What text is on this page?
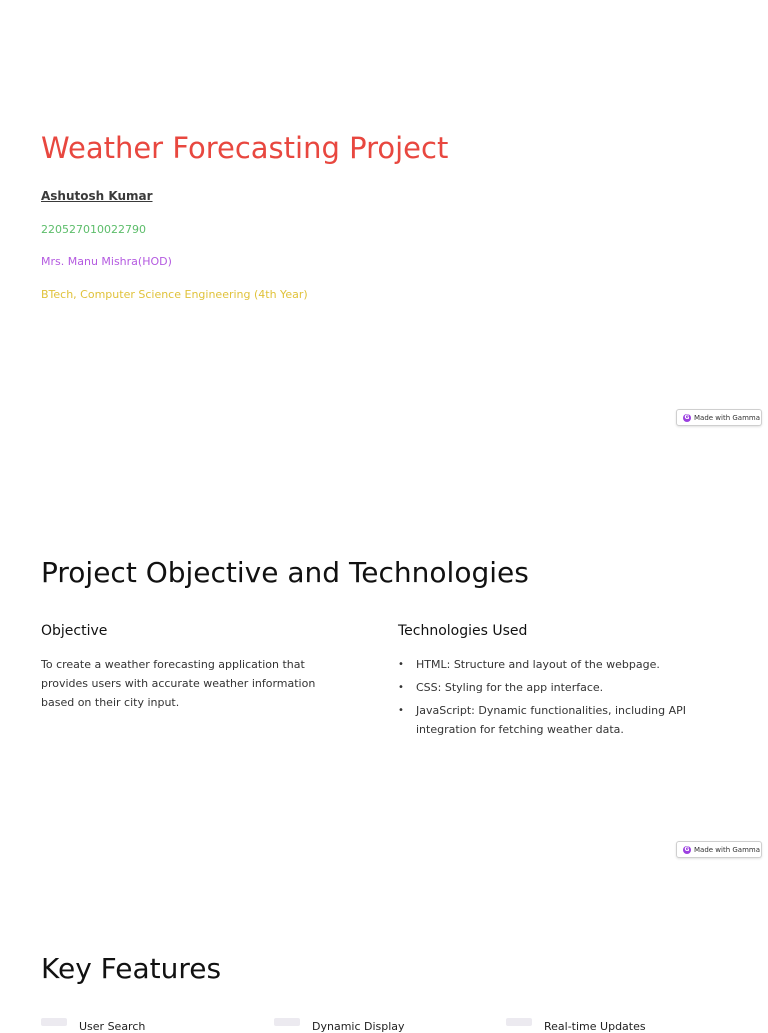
Weather Forecasting Project
Ashutosh Kumar
220527010022790
Mrs. Manu Mishra(HOD)
BTech, Computer Science Engineering (4th Year)
G Made with Gamma
Project Objective and Technologies
Objective

To create a weather forecasting application that provides users with accurate weather information based on their city input.

Technologies Used
• HTML: Structure and layout of the webpage.
• CSS: Styling for the app interface.
• JavaScript: Dynamic functionalities, including API integration for fetching weather data.
G Made with Gamma
Key Features
User Search	Dynamic Display	Real-time Updates
